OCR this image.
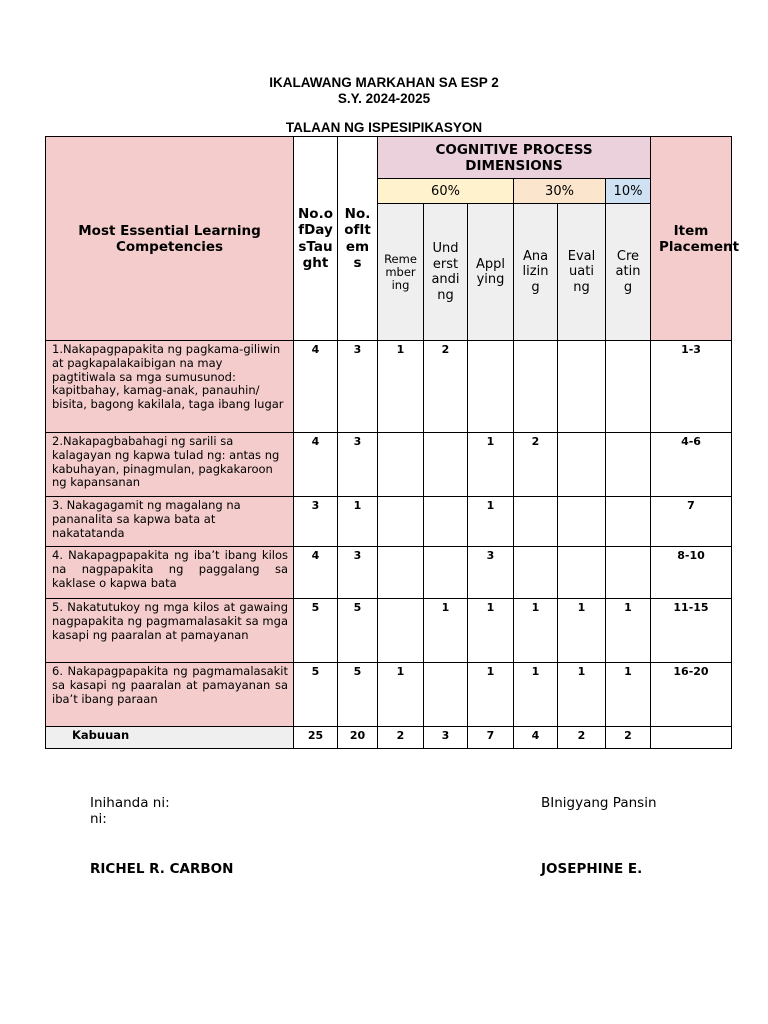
IKALAWANG MARKAHAN SA ESP 2
S.Y. 2024-2025
TALAAN NG ISPESIPIKASYON
Most Essential Learning Competencies	No.ofDaysTaught	No.ofItems	COGNITIVE PROCESS DIMENSIONS						Item Placement
			60%			30%		10%	
			Remembering	Understanding	Applying	Analizing	Evaluating	Creating	
1.Nakapagpapakita ng pagkama-giliwin at pagkapalakaibigan na may pagtitiwala sa mga sumusunod: kapitbahay, kamag-anak, panauhin/ bisita, bagong kakilala, taga ibang lugar	4	3	1	2					1-3
2.Nakapagbabahagi ng sarili sa kalagayan ng kapwa tulad ng: antas ng kabuhayan, pinagmulan, pagkakaroon ng kapansanan	4	3			1	2			4-6
3. Nakagagamit ng magalang na pananalita sa kapwa bata at nakatatanda	3	1			1				7
4. Nakapagpapakita ng iba’t ibang kilos na nagpapakita ng paggalang sa kaklase o kapwa bata	4	3			3				8-10
5. Nakatutukoy ng mga kilos at gawaing nagpapakita ng pagmamalasakit sa mga kasapi ng paaralan at pamayanan	5	5		1	1	1	1	1	11-15
6. Nakapagpapakita ng pagmamalasakit sa kasapi ng paaralan at pamayanan sa iba’t ibang paraan	5	5	1		1	1	1	1	16-20
Kabuuan	25	20	2	3	7	4	2	2	
Inihanda ni:
ni:
BInigyang Pansin
RICHEL R. CARBON	JOSEPHINE E.
